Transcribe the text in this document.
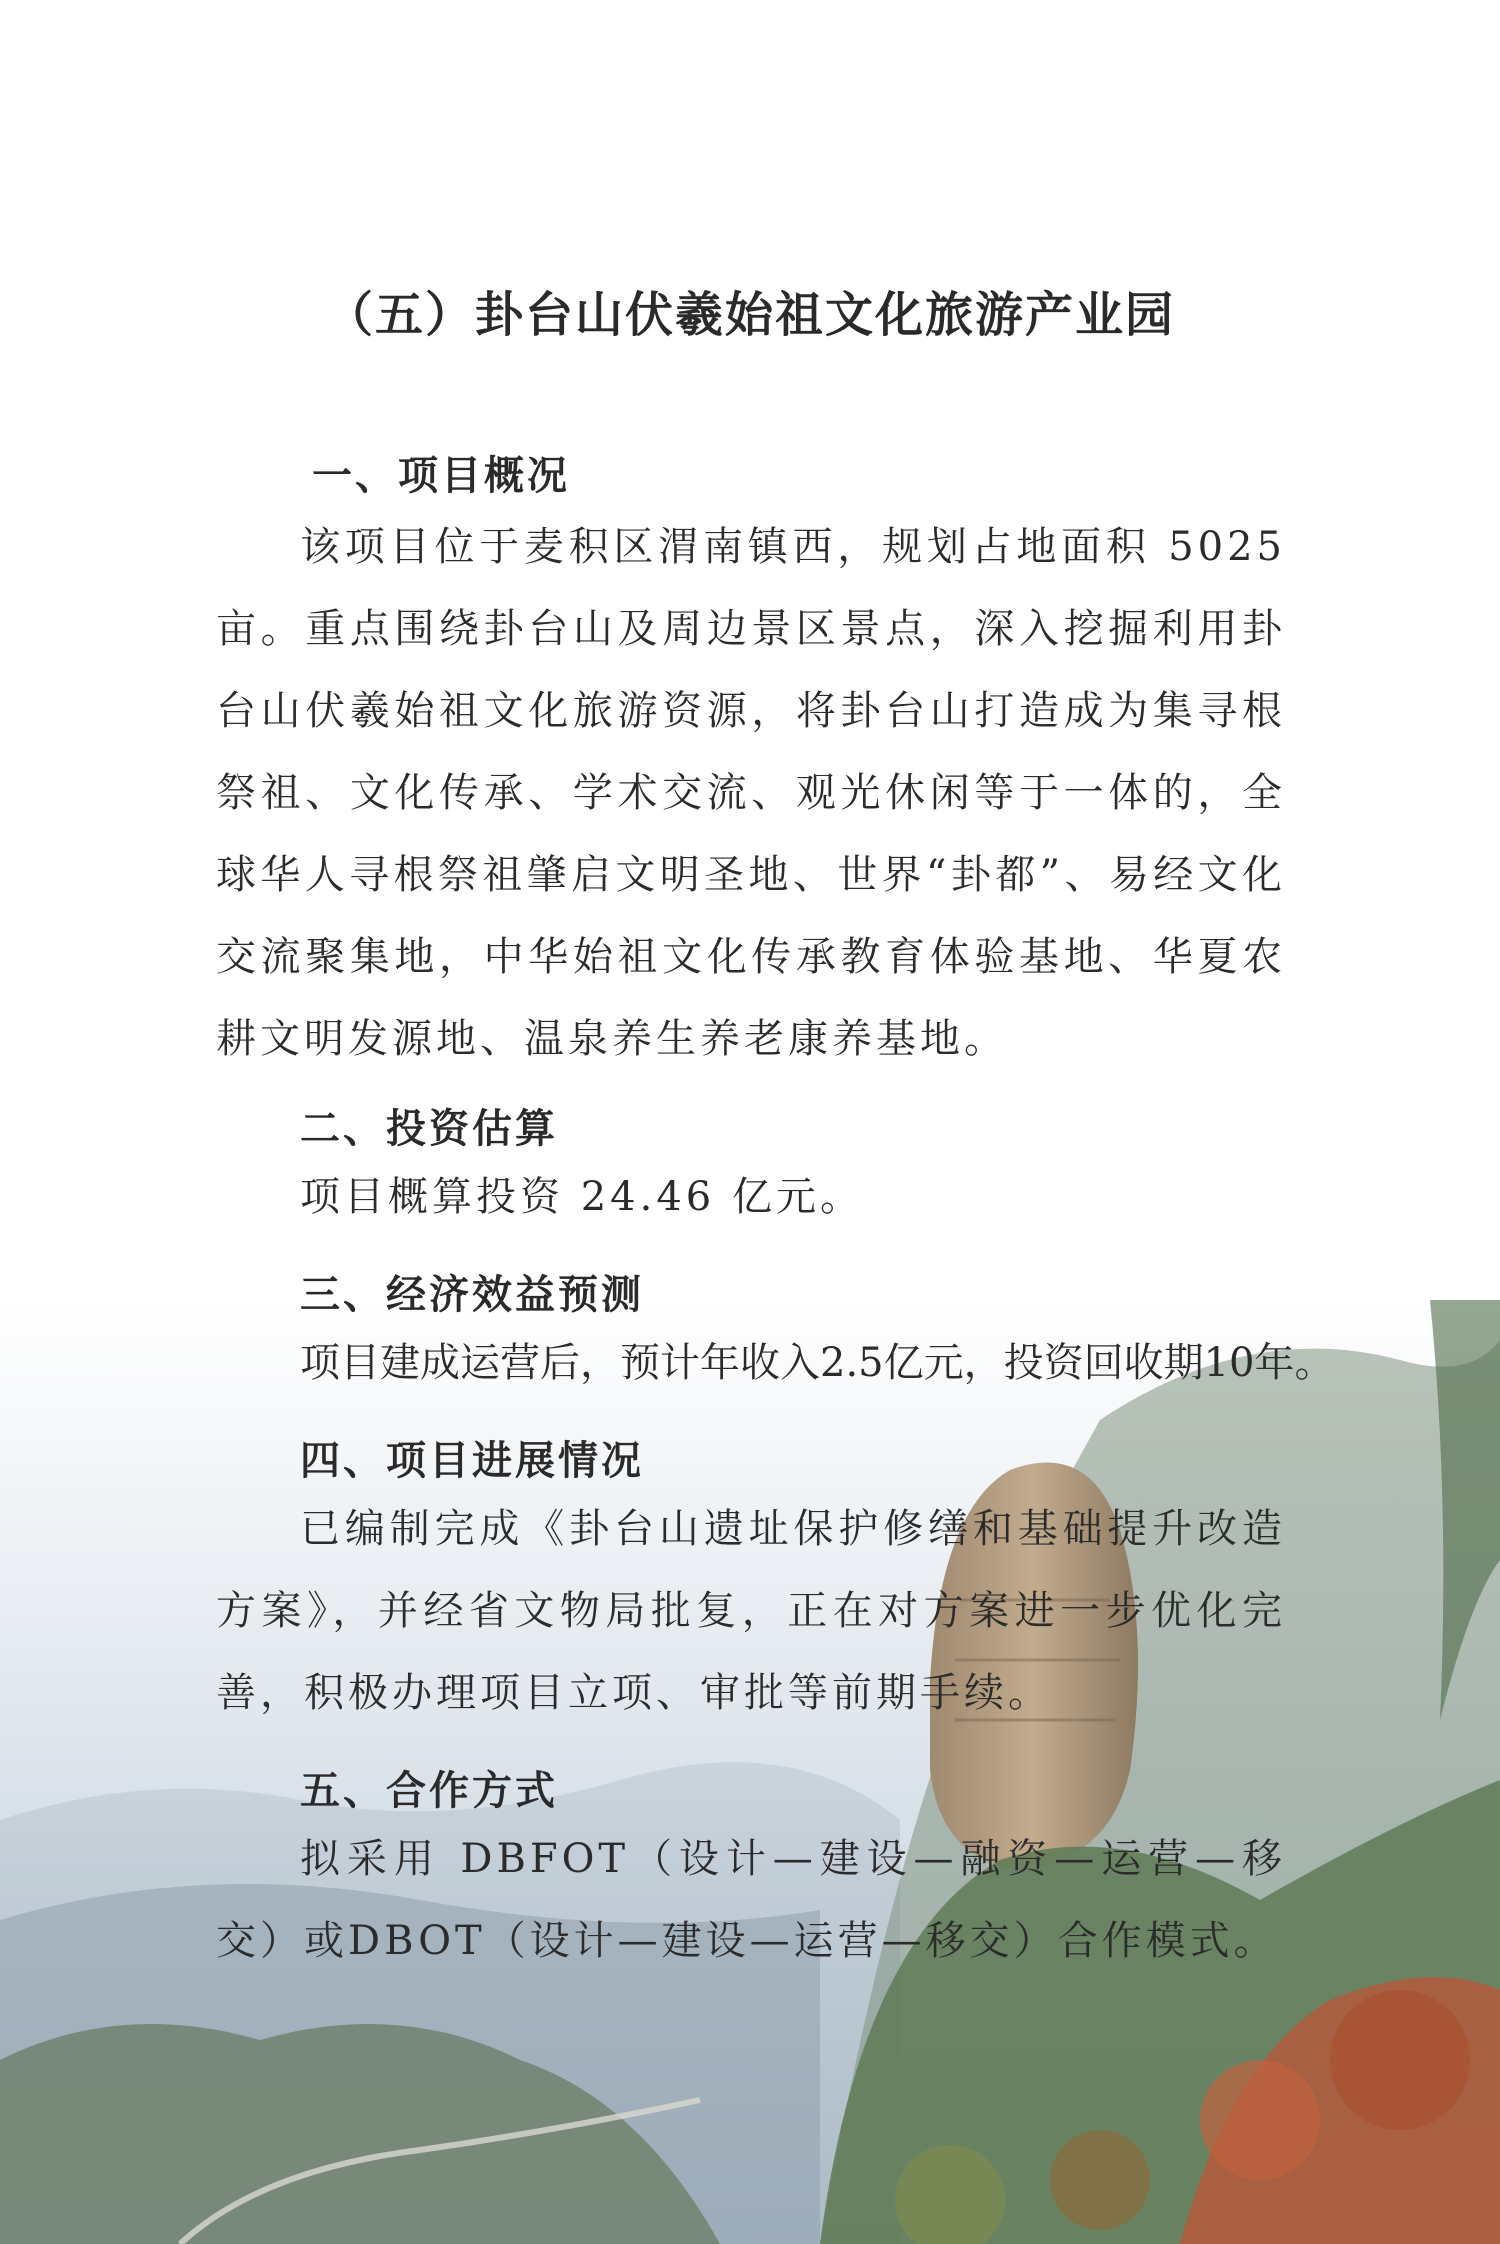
（五）卦台山伏羲始祖文化旅游产业园
一、项目概况
该项目位于麦积区渭南镇西，规划占地面积 5025 亩。重点围绕卦台山及周边景区景点，深入挖掘利用卦台山伏羲始祖文化旅游资源，将卦台山打造成为集寻根祭祖、文化传承、学术交流、观光休闲等于一体的，全球华人寻根祭祖肇启文明圣地、世界“卦都”、易经文化交流聚集地，中华始祖文化传承教育体验基地、华夏农耕文明发源地、温泉养生养老康养基地。
二、投资估算
项目概算投资 24.46 亿元。
三、经济效益预测
项目建成运营后，预计年收入2.5亿元，投资回收期10年。
四、项目进展情况
已编制完成《卦台山遗址保护修缮和基础提升改造方案》，并经省文物局批复，正在对方案进一步优化完善，积极办理项目立项、审批等前期手续。
五、合作方式
拟采用 DBFOT（设计—建设—融资—运营—移交）或DBOT（设计—建设—运营—移交）合作模式。
